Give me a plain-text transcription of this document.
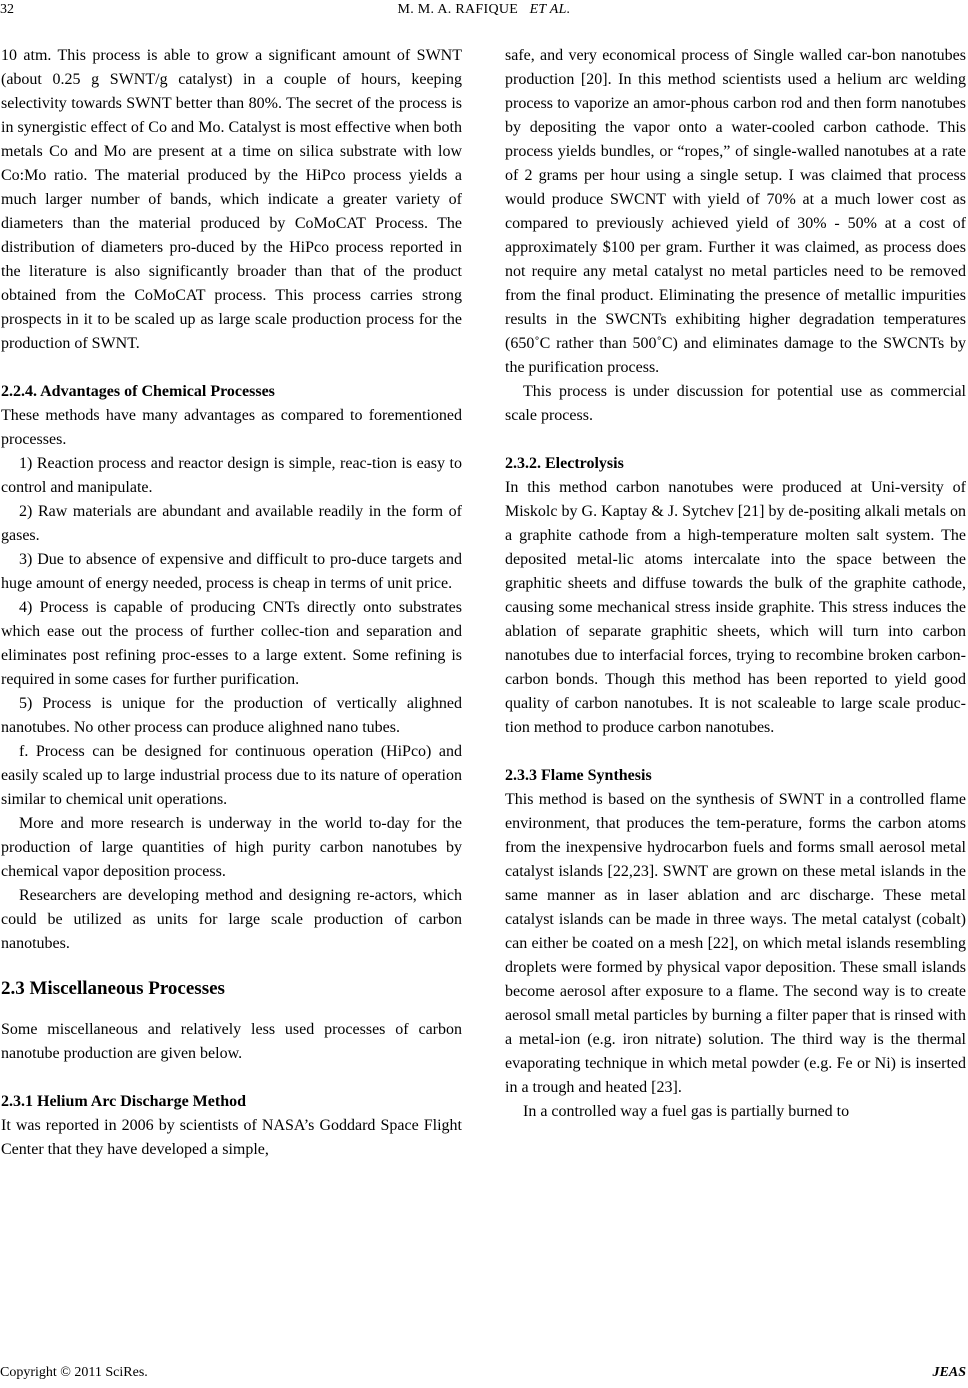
32	M. M. A. RAFIQUE ET AL.

10 atm. This process is able to grow a significant amount of SWNT (about 0.25 g SWNT/g catalyst) in a couple of hours, keeping selectivity towards SWNT better than 80%. The secret of the process is in synergistic effect of Co and Mo. Catalyst is most effective when both metals Co and Mo are present at a time on silica substrate with low Co:Mo ratio. The material produced by the HiPco process yields a much larger number of bands, which indicate a greater variety of diameters than the material produced by CoMoCAT Process. The distribution of diameters pro-duced by the HiPco process reported in the literature is also significantly broader than that of the product obtained from the CoMoCAT process. This process carries strong prospects in it to be scaled up as large scale production process for the production of SWNT.

2.2.4. Advantages of Chemical Processes

These methods have many advantages as compared to forementioned processes.

1) Reaction process and reactor design is simple, reac-tion is easy to control and manipulate.

2) Raw materials are abundant and available readily in the form of gases.

3) Due to absence of expensive and difficult to pro-duce targets and huge amount of energy needed, process is cheap in terms of unit price.

4) Process is capable of producing CNTs directly onto substrates which ease out the process of further collec-tion and separation and eliminates post refining proc-esses to a large extent. Some refining is required in some cases for further purification.

5) Process is unique for the production of vertically alighned nanotubes. No other process can produce alighned nano tubes.

f. Process can be designed for continuous operation (HiPco) and easily scaled up to large industrial process due to its nature of operation similar to chemical unit operations.

More and more research is underway in the world to-day for the production of large quantities of high purity carbon nanotubes by chemical vapor deposition process.

Researchers are developing method and designing re-actors, which could be utilized as units for large scale production of carbon nanotubes.

2.3 Miscellaneous Processes

Some miscellaneous and relatively less used processes of carbon nanotube production are given below.

2.3.1 Helium Arc Discharge Method

It was reported in 2006 by scientists of NASA’s Goddard Space Flight Center that they have developed a simple,

safe, and very economical process of Single walled car-bon nanotubes production [20]. In this method scientists used a helium arc welding process to vaporize an amor-phous carbon rod and then form nanotubes by depositing the vapor onto a water-cooled carbon cathode. This process yields bundles, or “ropes,” of single-walled nanotubes at a rate of 2 grams per hour using a single setup. I was claimed that process would produce SWCNT with yield of 70% at a much lower cost as compared to previously achieved yield of 30% - 50% at a cost of approximately $100 per gram. Further it was claimed, as process does not require any metal catalyst no metal particles need to be removed from the final product. Eliminating the presence of metallic impurities results in the SWCNTs exhibiting higher degradation temperatures (650˚C rather than 500˚C) and eliminates damage to the SWCNTs by the purification process.

This process is under discussion for potential use as commercial scale process.

2.3.2. Electrolysis

In this method carbon nanotubes were produced at Uni-versity of Miskolc by G. Kaptay & J. Sytchev [21] by de-positing alkali metals on a graphite cathode from a high-temperature molten salt system. The deposited metal-lic atoms intercalate into the space between the graphitic sheets and diffuse towards the bulk of the graphite cathode, causing some mechanical stress inside graphite. This stress induces the ablation of separate graphitic sheets, which will turn into carbon nanotubes due to interfacial forces, trying to recombine broken carbon-carbon bonds. Though this method has been reported to yield good quality of carbon nanotubes. It is not scaleable to large scale produc-tion method to produce carbon nanotubes.

2.3.3 Flame Synthesis

This method is based on the synthesis of SWNT in a controlled flame environment, that produces the tem-perature, forms the carbon atoms from the inexpensive hydrocarbon fuels and forms small aerosol metal catalyst islands [22,23]. SWNT are grown on these metal islands in the same manner as in laser ablation and arc discharge. These metal catalyst islands can be made in three ways. The metal catalyst (cobalt) can either be coated on a mesh [22], on which metal islands resembling droplets were formed by physical vapor deposition. These small islands become aerosol after exposure to a flame. The second way is to create aerosol small metal particles by burning a filter paper that is rinsed with a metal-ion (e.g. iron nitrate) solution. The third way is the thermal evaporating technique in which metal powder (e.g. Fe or Ni) is inserted in a trough and heated [23].

In a controlled way a fuel gas is partially burned to

Copyright © 2011 SciRes.	JEAS
